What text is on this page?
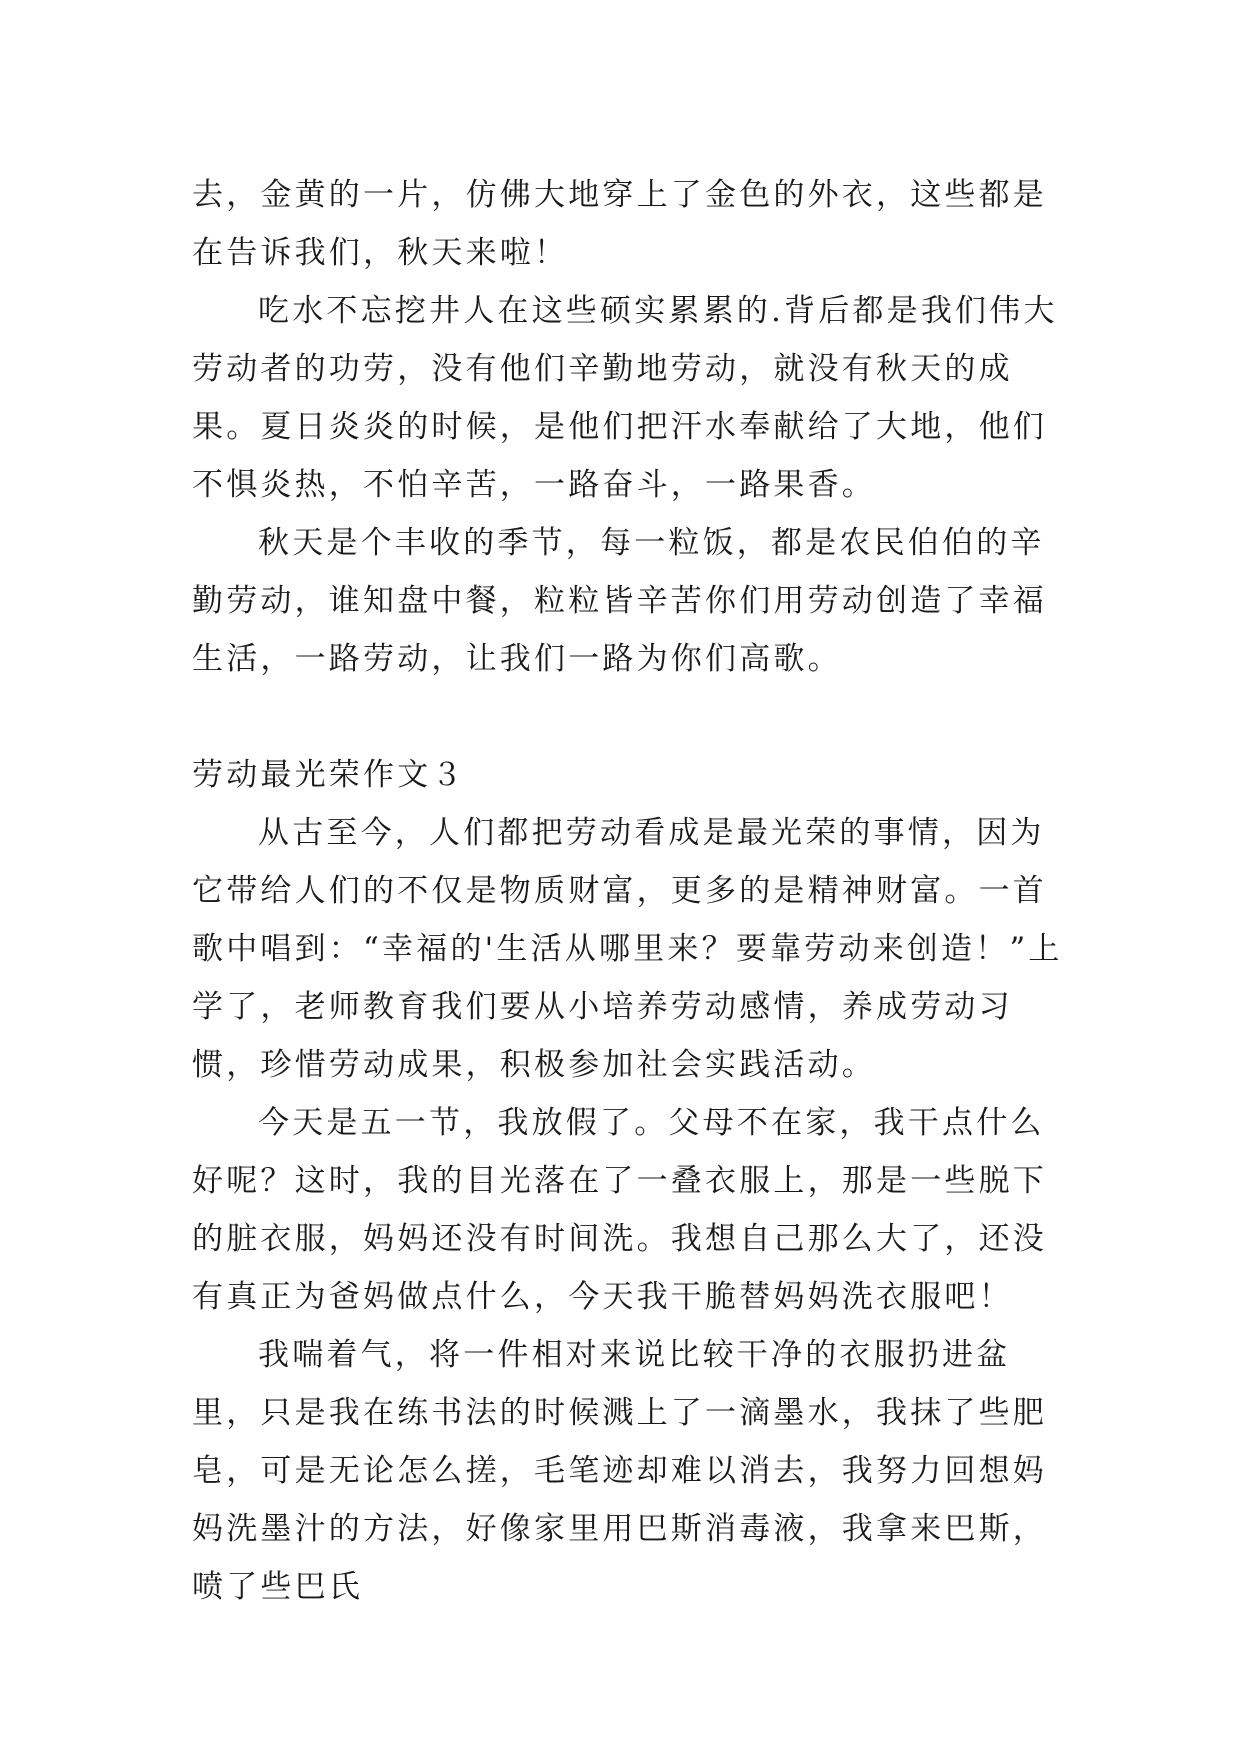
去，金黄的一片，仿佛大地穿上了金色的外衣，这些都是在告诉我们，秋天来啦！

吃水不忘挖井人在这些硕实累累的.背后都是我们伟大劳动者的功劳，没有他们辛勤地劳动，就没有秋天的成果。夏日炎炎的时候，是他们把汗水奉献给了大地，他们不惧炎热，不怕辛苦，一路奋斗，一路果香。

秋天是个丰收的季节，每一粒饭，都是农民伯伯的辛勤劳动，谁知盘中餐，粒粒皆辛苦你们用劳动创造了幸福生活，一路劳动，让我们一路为你们高歌。

劳动最光荣作文３

从古至今，人们都把劳动看成是最光荣的事情，因为它带给人们的不仅是物质财富，更多的是精神财富。一首歌中唱到：“幸福的'生活从哪里来？要靠劳动来创造！”上学了，老师教育我们要从小培养劳动感情，养成劳动习惯，珍惜劳动成果，积极参加社会实践活动。

今天是五一节，我放假了。父母不在家，我干点什么好呢？这时，我的目光落在了一叠衣服上，那是一些脱下的脏衣服，妈妈还没有时间洗。我想自己那么大了，还没有真正为爸妈做点什么，今天我干脆替妈妈洗衣服吧！

我喘着气，将一件相对来说比较干净的衣服扔进盆里，只是我在练书法的时候溅上了一滴墨水，我抹了些肥皂，可是无论怎么搓，毛笔迹却难以消去，我努力回想妈妈洗墨汁的方法，好像家里用巴斯消毒液，我拿来巴斯，喷了些巴氏
